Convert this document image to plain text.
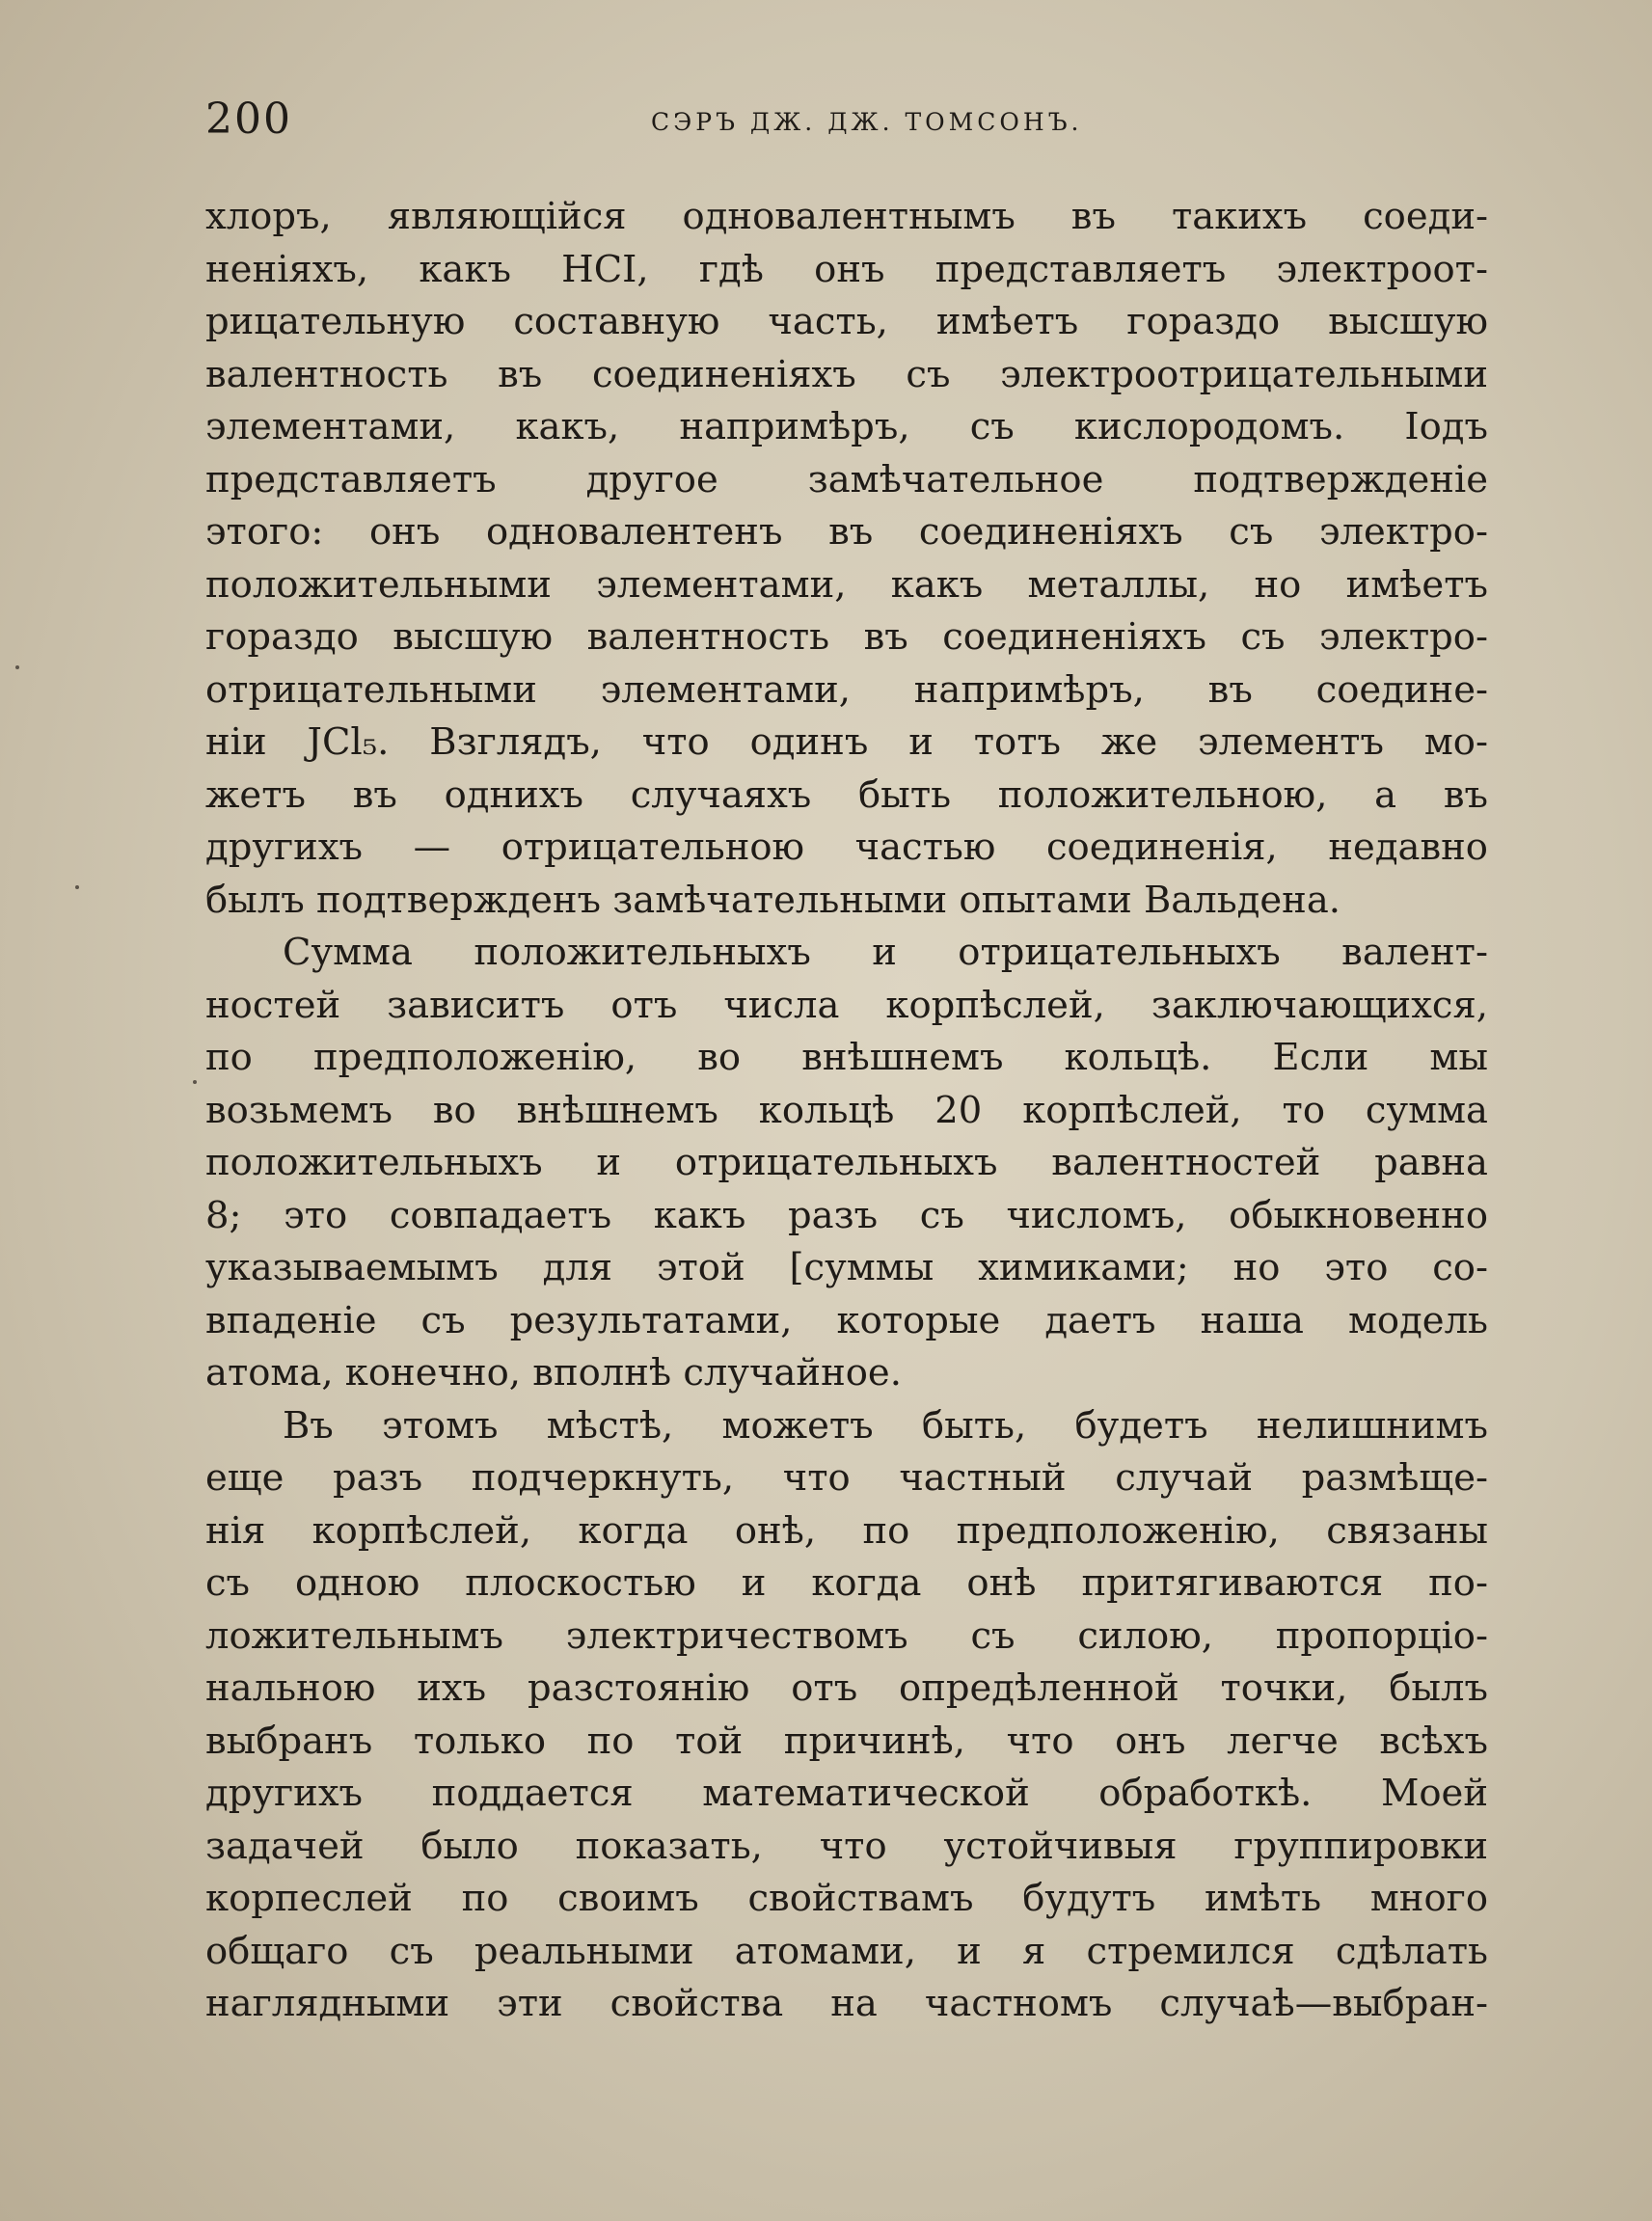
200	СЭРЪ ДЖ. ДЖ. ТОМСОНЪ.
хлоръ, являющійся одновалентнымъ въ такихъ соеди-
неніяхъ, какъ HCI, гдѣ онъ представляетъ электроот-
рицательную составную часть, имѣетъ гораздо высшую
валентность въ соединеніяхъ съ электроотрицательными
элементами, какъ, напримѣръ, съ кислородомъ. Іодъ
представляетъ другое замѣчательное подтвержденіе
этого: онъ одновалентенъ въ соединеніяхъ съ электро-
положительными элементами, какъ металлы, но имѣетъ
гораздо высшую валентность въ соединеніяхъ съ электро-
отрицательными элементами, напримѣръ, въ соедине-
ніи JCl₅. Взглядъ, что одинъ и тотъ же элементъ мо-
жетъ въ однихъ случаяхъ быть положительною, а въ
другихъ — отрицательною частью соединенія, недавно
былъ подтвержденъ замѣчательными опытами Вальдена.
Сумма положительныхъ и отрицательныхъ валент-
ностей зависитъ отъ числа корпѣслей, заключающихся,
по предположенію, во внѣшнемъ кольцѣ. Если мы
возьмемъ во внѣшнемъ кольцѣ 20 корпѣслей, то сумма
положительныхъ и отрицательныхъ валентностей равна
8; это совпадаетъ какъ разъ съ числомъ, обыкновенно
указываемымъ для этой [суммы химиками; но это со-
впаденіе съ результатами, которые даетъ наша модель
атома, конечно, вполнѣ случайное.
Въ этомъ мѣстѣ, можетъ быть, будетъ нелишнимъ
еще разъ подчеркнуть, что частный случай размѣще-
нія корпѣслей, когда онѣ, по предположенію, связаны
съ одною плоскостью и когда онѣ притягиваются по-
ложительнымъ электричествомъ съ силою, пропорціо-
нальною ихъ разстоянію отъ опредѣленной точки, былъ
выбранъ только по той причинѣ, что онъ легче всѣхъ
другихъ поддается математической обработкѣ. Моей
задачей было показать, что устойчивыя группировки
корпеслей по своимъ свойствамъ будутъ имѣть много
общаго съ реальными атомами, и я стремился сдѣлать
наглядными эти свойства на частномъ случаѣ—выбран-
